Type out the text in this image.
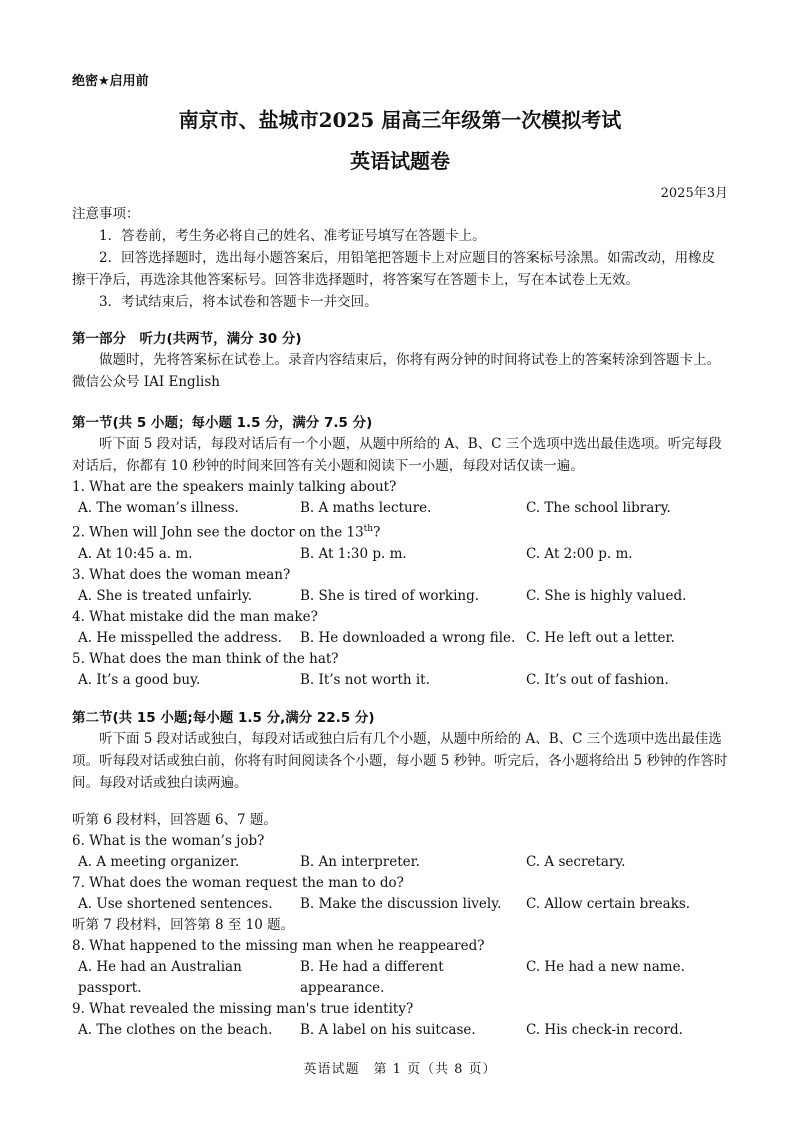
绝密★启用前
南京市、盐城市2025 届高三年级第一次模拟考试
英语试题卷
2025年3月
注意事项：
1．答卷前，考生务必将自己的姓名、准考证号填写在答题卡上。
2．回答选择题时，选出每小题答案后，用铅笔把答题卡上对应题目的答案标号涂黑。如需改动，用橡皮擦干净后，再选涂其他答案标号。回答非选择题时，将答案写在答题卡上，写在本试卷上无效。
3．考试结束后，将本试卷和答题卡一并交回。
第一部分　听力(共两节，满分 30 分)
做题时，先将答案标在试卷上。录音内容结束后，你将有两分钟的时间将试卷上的答案转涂到答题卡上。微信公众号 IAI English
第一节(共 5 小题；每小题 1.5 分，满分 7.5 分)
听下面 5 段对话，每段对话后有一个小题，从题中所给的 A、B、C 三个选项中选出最佳选项。听完每段对话后，你都有 10 秒钟的时间来回答有关小题和阅读下一小题，每段对话仅读一遍。
1. What are the speakers mainly talking about?
A. The woman’s illness.	B. A maths lecture.	C. The school library.
2. When will John see the doctor on the 13th?
A. At 10:45 a. m.	B. At 1:30 p. m.	C. At 2:00 p. m.
3. What does the woman mean?
A. She is treated unfairly.	B. She is tired of working.	C. She is highly valued.
4. What mistake did the man make?
A. He misspelled the address.	B. He downloaded a wrong file. C. He left out a letter.
5. What does the man think of the hat?
A. It’s a good buy.	B. It’s not worth it.	C. It’s out of fashion.
第二节(共 15 小题;每小题 1.5 分,满分 22.5 分)
听下面 5 段对话或独白，每段对话或独白后有几个小题，从题中所给的 A、B、C 三个选项中选出最佳选项。听每段对话或独白前，你将有时间阅读各个小题，每小题 5 秒钟。听完后，各小题将给出 5 秒钟的作答时间。每段对话或独白读两遍。
听第 6 段材料，回答题 6、7 题。
6. What is the woman’s job?
A. A meeting organizer.	B. An interpreter.	C. A secretary.
7. What does the woman request the man to do?
A. Use shortened sentences.	B. Make the discussion lively.	C. Allow certain breaks.
听第 7 段材料，回答第 8 至 10 题。
8. What happened to the missing man when he reappeared?
A. He had an Australian passport.
B. He had a different appearance.
C. He had a new name.
9. What revealed the missing man's true identity?
A. The clothes on the beach.	B. A label on his suitcase.	C. His check-in record.
英语试题　第 1 页（共 8 页）
